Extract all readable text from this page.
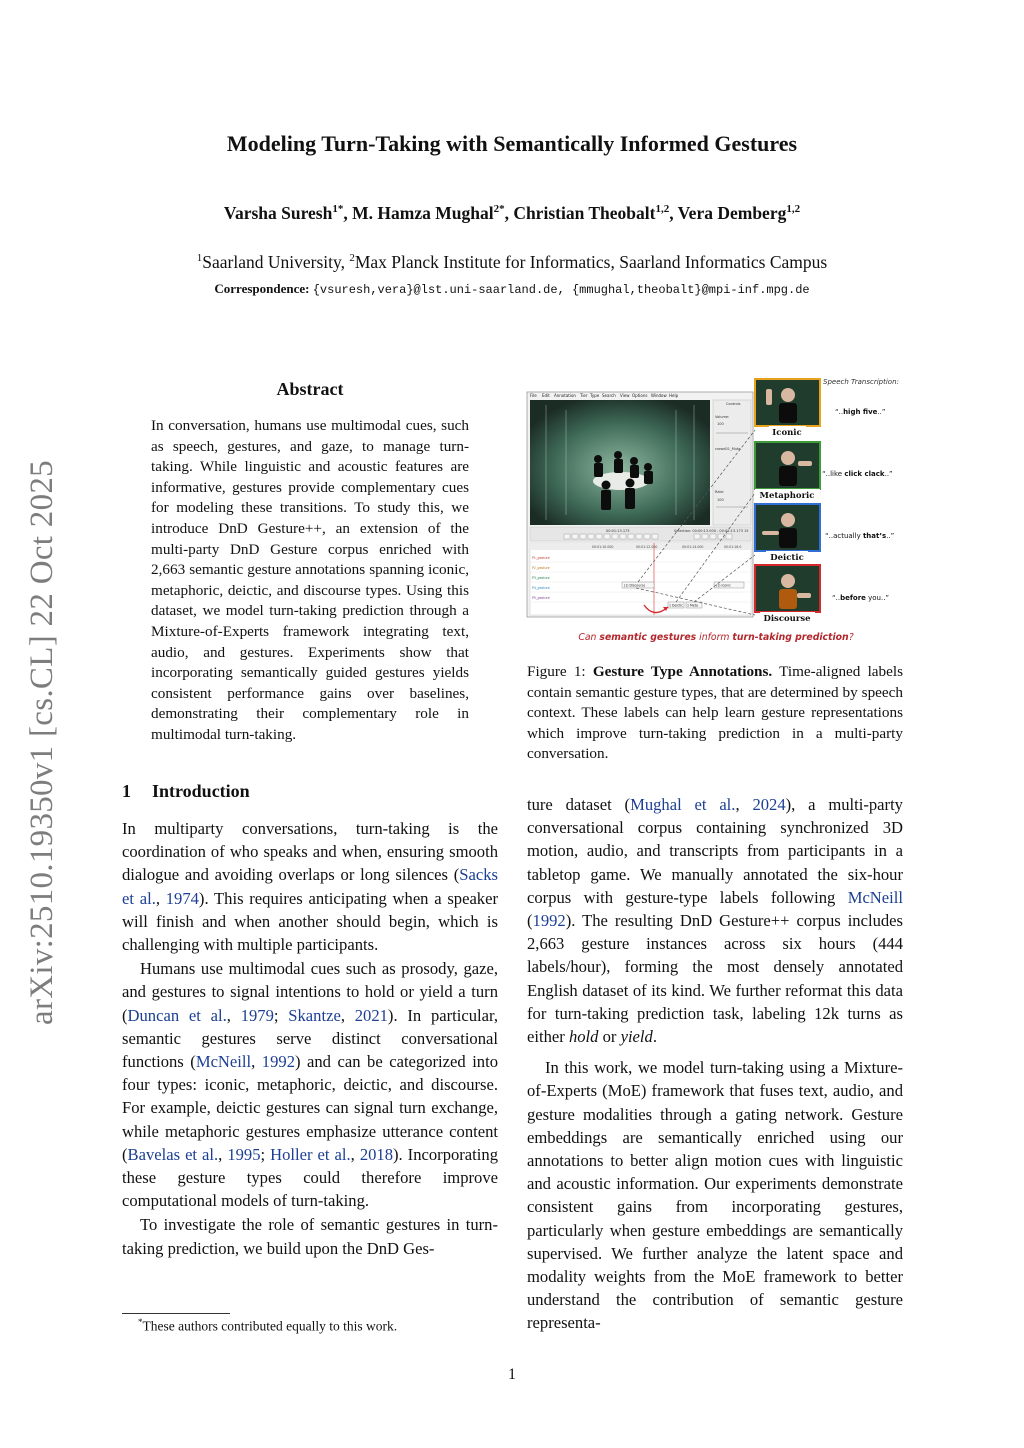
Modeling Turn-Taking with Semantically Informed Gestures
Varsha Suresh$^{1*}$, M. Hamza Mughal$^{2*}$, Christian Theobalt$^{1,2}$, Vera Demberg$^{1,2}$
$^1$Saarland University, $^2$Max Planck Institute for Informatics, Saarland Informatics Campus
Correspondence: {vsuresh,vera}@lst.uni-saarland.de, {mmughal,theobalt}@mpi-inf.mpg.de
arXiv:2510.19350v1 [cs.CL] 22 Oct 2025
Abstract
In conversation, humans use multimodal cues, such as speech, gestures, and gaze, to manage turn-taking. While linguistic and acoustic features are informative, gestures provide complementary cues for modeling these transitions. To study this, we introduce DnD Gesture++, an extension of the multi-party DnD Gesture corpus enriched with 2,663 semantic gesture annotations spanning iconic, metaphoric, deictic, and discourse types. Using this dataset, we model turn-taking prediction through a Mixture-of-Experts framework integrating text, audio, and gestures. Experiments show that incorporating semantically guided gestures yields consistent performance gains over baselines, demonstrating their complementary role in multimodal turn-taking.
1 Introduction

In multiparty conversations, turn-taking is the coordination of who speaks and when, ensuring smooth dialogue and avoiding overlaps or long silences (Sacks et al., 1974). This requires anticipating when a speaker will finish and when another should begin, which is challenging with multiple participants.

Humans use multimodal cues such as prosody, gaze, and gestures to signal intentions to hold or yield a turn (Duncan et al., 1979; Skantze, 2021). In particular, semantic gestures serve distinct conversational functions (McNeill, 1992) and can be categorized into four types: iconic, metaphoric, deictic, and discourse. For example, deictic gestures can signal turn exchange, while metaphoric gestures emphasize utterance content (Bavelas et al., 1995; Holler et al., 2018). Incorporating these gesture types could therefore improve computational models of turn-taking.

To investigate the role of semantic gestures in turn-taking prediction, we build upon the DnD Ges-

ture dataset (Mughal et al., 2024), a multi-party conversational corpus containing synchronized 3D motion, audio, and transcripts from participants in a tabletop game. We manually annotated the six-hour corpus with gesture-type labels following McNeill (1992). The resulting DnD Gesture++ corpus includes 2,663 gesture instances across six hours (444 labels/hour), forming the most densely annotated English dataset of its kind. We further reformat this data for turn-taking prediction task, labeling 12k turns as either hold or yield.

In this work, we model turn-taking using a Mixture-of-Experts (MoE) framework that fuses text, audio, and gesture modalities through a gating network. Gesture embeddings are semantically enriched using our annotations to better align motion cues with linguistic and acoustic information. Our experiments demonstrate consistent gains from incorporating gestures, particularly when gesture embeddings are semantically supervised. We further analyze the latent space and modality weights from the MoE framework to better understand the contribution of semantic gesture representa-

*These authors contributed equally to this work.
1
File Edit Annotation Tier Type Search View Options Window Help
Controls
Volume:
100
crowd01_Mute
Rate:
100
00:01:13.173	Selection: 00:00:13.000 - 00:01:13.173 15
00:01:10.000	00:01:12.000	00:01:14.000	00:01:16.0
P1_gesture
P2_gesture
P3_gesture
P4_gesture
P5_gesture
(1) Discourse	(1) Iconic
1 Deictic 1 Meta
Speech Transcription:
Iconic
Metaphoric
Deictic
Discourse
“..high five..”
“..like click clack..”
“..actually that’s..”
“..before you..”
Can semantic gestures inform turn-taking prediction?
Figure 1: Gesture Type Annotations. Time-aligned labels contain semantic gesture types, that are determined by speech context. These labels can help learn gesture representations which improve turn-taking prediction in a multi-party conversation.
